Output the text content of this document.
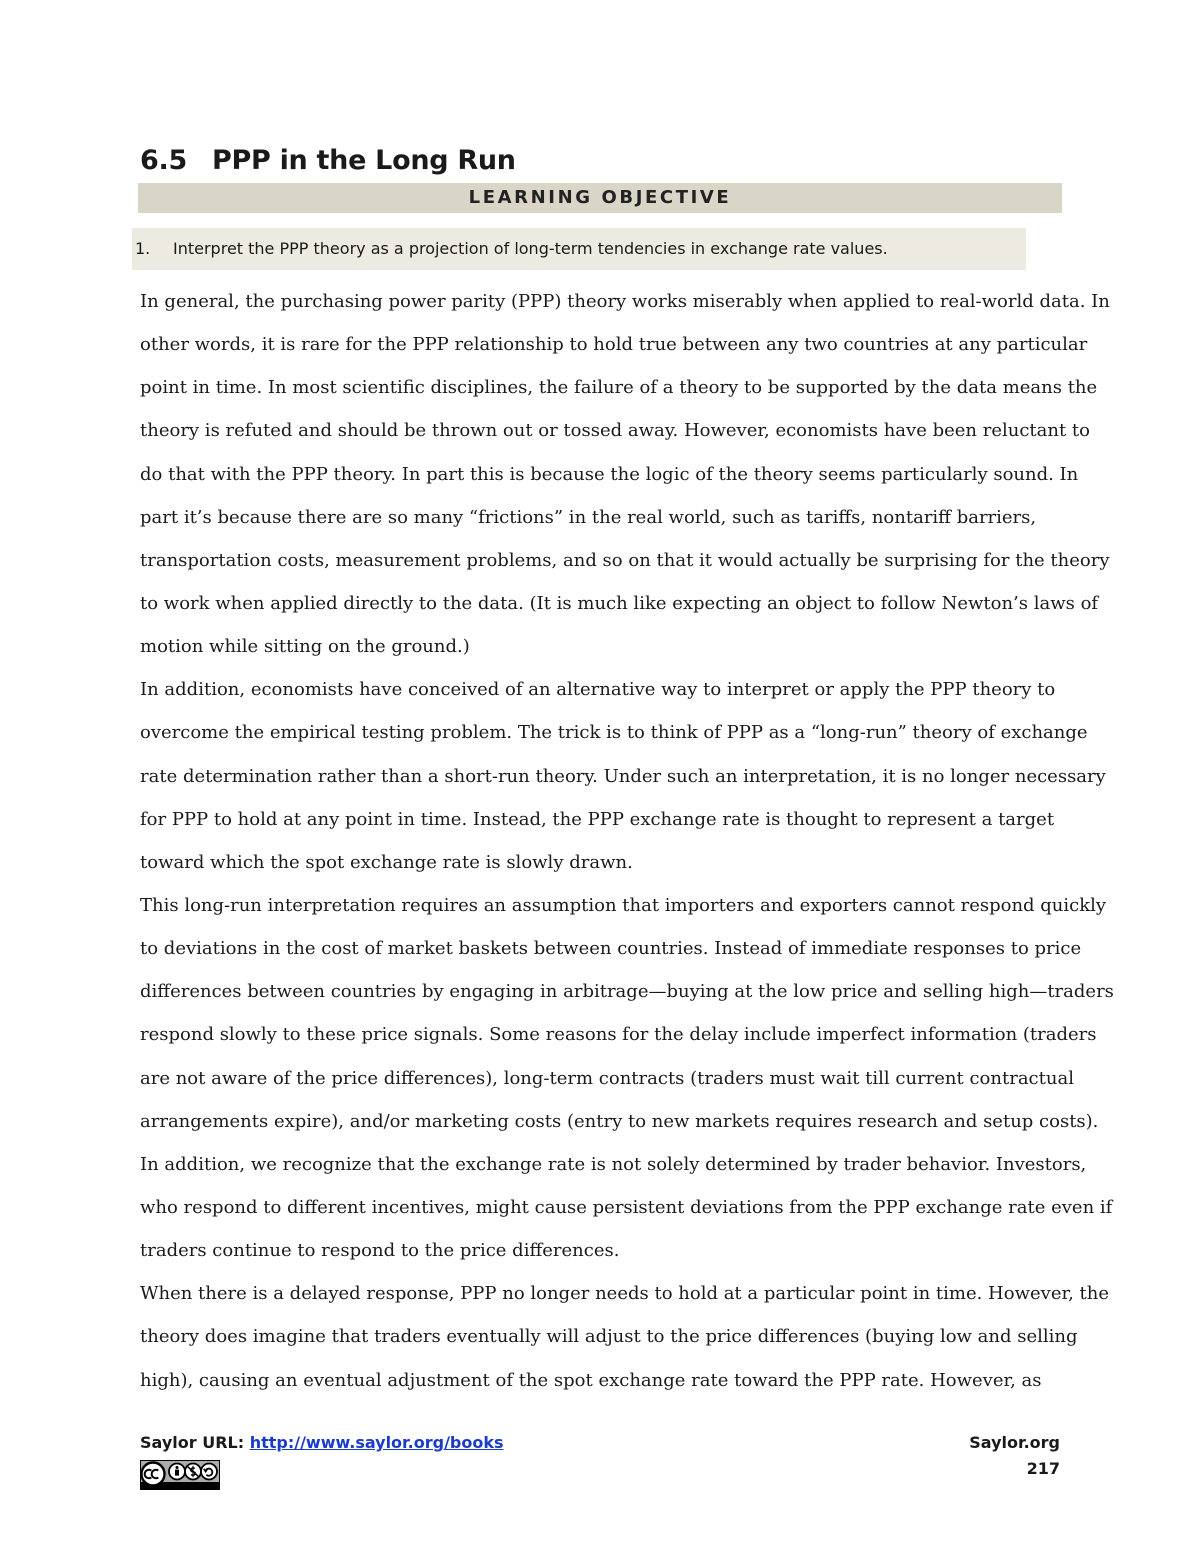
6.5 PPP in the Long Run
LEARNING OBJECTIVE
1. Interpret the PPP theory as a projection of long-term tendencies in exchange rate values.
In general, the purchasing power parity (PPP) theory works miserably when applied to real-world data. In
other words, it is rare for the PPP relationship to hold true between any two countries at any particular
point in time. In most scientific disciplines, the failure of a theory to be supported by the data means the
theory is refuted and should be thrown out or tossed away. However, economists have been reluctant to
do that with the PPP theory. In part this is because the logic of the theory seems particularly sound. In
part it’s because there are so many “frictions” in the real world, such as tariffs, nontariff barriers,
transportation costs, measurement problems, and so on that it would actually be surprising for the theory
to work when applied directly to the data. (It is much like expecting an object to follow Newton’s laws of
motion while sitting on the ground.)
In addition, economists have conceived of an alternative way to interpret or apply the PPP theory to
overcome the empirical testing problem. The trick is to think of PPP as a “long-run” theory of exchange
rate determination rather than a short-run theory. Under such an interpretation, it is no longer necessary
for PPP to hold at any point in time. Instead, the PPP exchange rate is thought to represent a target
toward which the spot exchange rate is slowly drawn.
This long-run interpretation requires an assumption that importers and exporters cannot respond quickly
to deviations in the cost of market baskets between countries. Instead of immediate responses to price
differences between countries by engaging in arbitrage—buying at the low price and selling high—traders
respond slowly to these price signals. Some reasons for the delay include imperfect information (traders
are not aware of the price differences), long-term contracts (traders must wait till current contractual
arrangements expire), and/or marketing costs (entry to new markets requires research and setup costs).
In addition, we recognize that the exchange rate is not solely determined by trader behavior. Investors,
who respond to different incentives, might cause persistent deviations from the PPP exchange rate even if
traders continue to respond to the price differences.
When there is a delayed response, PPP no longer needs to hold at a particular point in time. However, the
theory does imagine that traders eventually will adjust to the price differences (buying low and selling
high), causing an eventual adjustment of the spot exchange rate toward the PPP rate. However, as
Saylor URL: http://www.saylor.org/books	Saylor.org
217
